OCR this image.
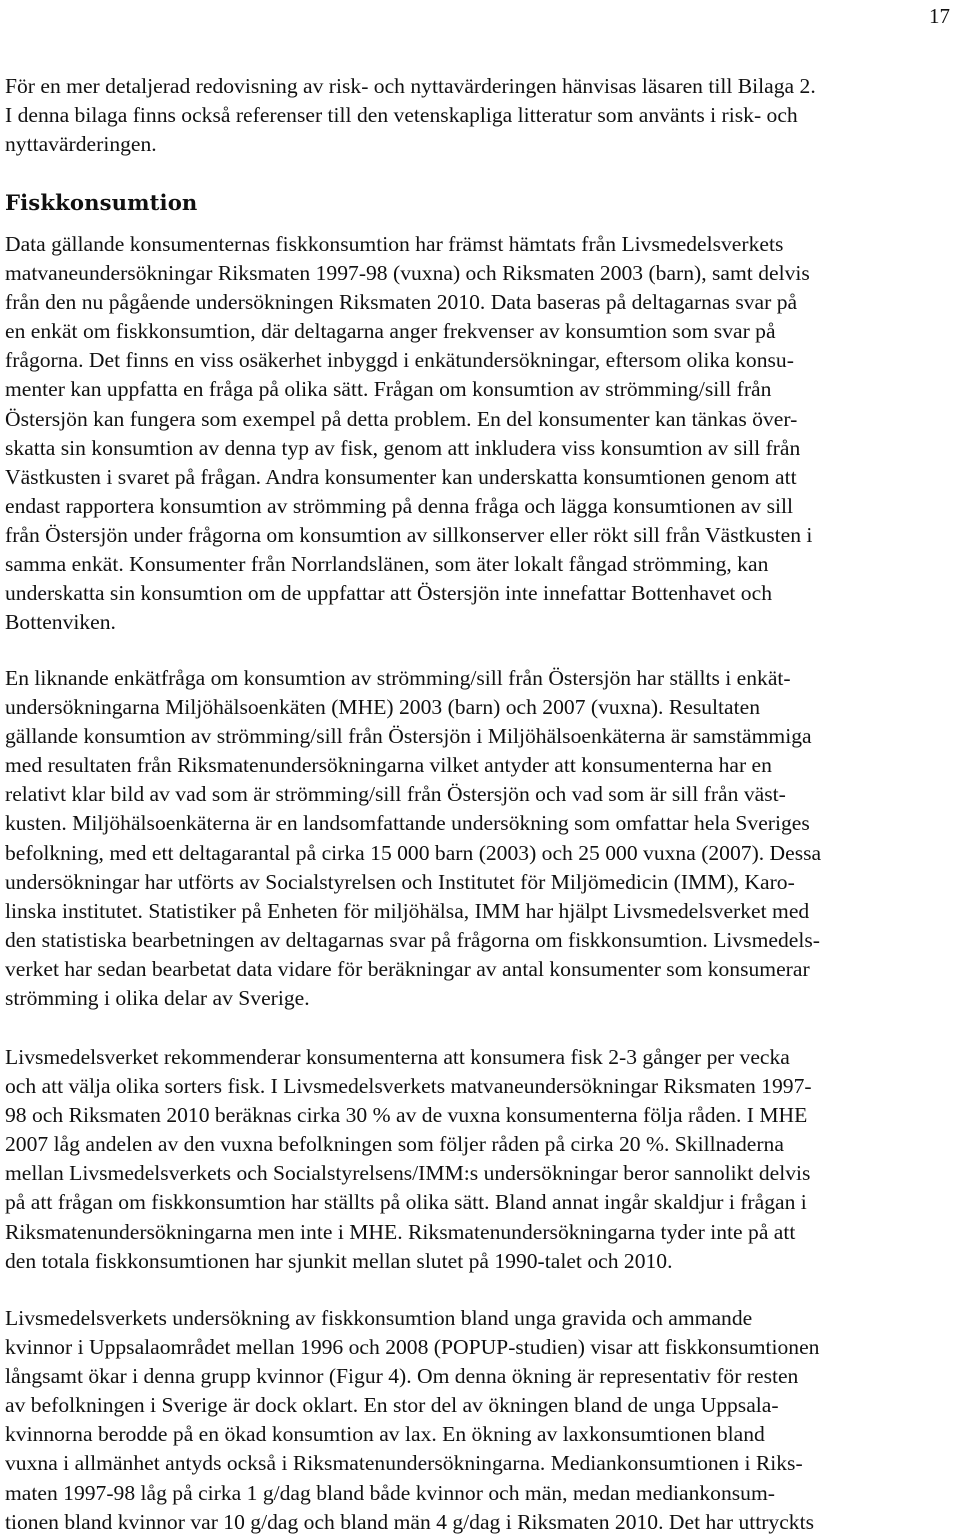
17

För en mer detaljerad redovisning av risk- och nyttavärderingen hänvisas läsaren till Bilaga 2.
I denna bilaga finns också referenser till den vetenskapliga litteratur som använts i risk- och
nyttavärderingen.
Fiskkonsumtion
Data gällande konsumenternas fiskkonsumtion har främst hämtats från Livsmedelsverkets
matvaneundersökningar Riksmaten 1997-98 (vuxna) och Riksmaten 2003 (barn), samt delvis
från den nu pågående undersökningen Riksmaten 2010. Data baseras på deltagarnas svar på
en enkät om fiskkonsumtion, där deltagarna anger frekvenser av konsumtion som svar på
frågorna. Det finns en viss osäkerhet inbyggd i enkätundersökningar, eftersom olika konsu-
menter kan uppfatta en fråga på olika sätt. Frågan om konsumtion av strömming/sill från
Östersjön kan fungera som exempel på detta problem. En del konsumenter kan tänkas över-
skatta sin konsumtion av denna typ av fisk, genom att inkludera viss konsumtion av sill från
Västkusten i svaret på frågan. Andra konsumenter kan underskatta konsumtionen genom att
endast rapportera konsumtion av strömming på denna fråga och lägga konsumtionen av sill
från Östersjön under frågorna om konsumtion av sillkonserver eller rökt sill från Västkusten i
samma enkät. Konsumenter från Norrlandslänen, som äter lokalt fångad strömming, kan
underskatta sin konsumtion om de uppfattar att Östersjön inte innefattar Bottenhavet och
Bottenviken.
En liknande enkätfråga om konsumtion av strömming/sill från Östersjön har ställts i enkät-
undersökningarna Miljöhälsoenkäten (MHE) 2003 (barn) och 2007 (vuxna). Resultaten
gällande konsumtion av strömming/sill från Östersjön i Miljöhälsoenkäterna är samstämmiga
med resultaten från Riksmatenundersökningarna vilket antyder att konsumenterna har en
relativt klar bild av vad som är strömming/sill från Östersjön och vad som är sill från väst-
kusten. Miljöhälsoenkäterna är en landsomfattande undersökning som omfattar hela Sveriges
befolkning, med ett deltagarantal på cirka 15 000 barn (2003) och 25 000 vuxna (2007). Dessa
undersökningar har utförts av Socialstyrelsen och Institutet för Miljömedicin (IMM), Karo-
linska institutet. Statistiker på Enheten för miljöhälsa, IMM har hjälpt Livsmedelsverket med
den statistiska bearbetningen av deltagarnas svar på frågorna om fiskkonsumtion. Livsmedels-
verket har sedan bearbetat data vidare för beräkningar av antal konsumenter som konsumerar
strömming i olika delar av Sverige.
Livsmedelsverket rekommenderar konsumenterna att konsumera fisk 2-3 gånger per vecka
och att välja olika sorters fisk. I Livsmedelsverkets matvaneundersökningar Riksmaten 1997-
98 och Riksmaten 2010 beräknas cirka 30 % av de vuxna konsumenterna följa råden. I MHE
2007 låg andelen av den vuxna befolkningen som följer råden på cirka 20 %. Skillnaderna
mellan Livsmedelsverkets och Socialstyrelsens/IMM:s undersökningar beror sannolikt delvis
på att frågan om fiskkonsumtion har ställts på olika sätt. Bland annat ingår skaldjur i frågan i
Riksmatenundersökningarna men inte i MHE. Riksmatenundersökningarna tyder inte på att
den totala fiskkonsumtionen har sjunkit mellan slutet på 1990-talet och 2010.
Livsmedelsverkets undersökning av fiskkonsumtion bland unga gravida och ammande
kvinnor i Uppsalaområdet mellan 1996 och 2008 (POPUP-studien) visar att fiskkonsumtionen
långsamt ökar i denna grupp kvinnor (Figur 4). Om denna ökning är representativ för resten
av befolkningen i Sverige är dock oklart. En stor del av ökningen bland de unga Uppsala-
kvinnorna berodde på en ökad konsumtion av lax. En ökning av laxkonsumtionen bland
vuxna i allmänhet antyds också i Riksmatenundersökningarna. Mediankonsumtionen i Riks-
maten 1997-98 låg på cirka 1 g/dag bland både kvinnor och män, medan mediankonsum-
tionen bland kvinnor var 10 g/dag och bland män 4 g/dag i Riksmaten 2010. Det har uttryckts
